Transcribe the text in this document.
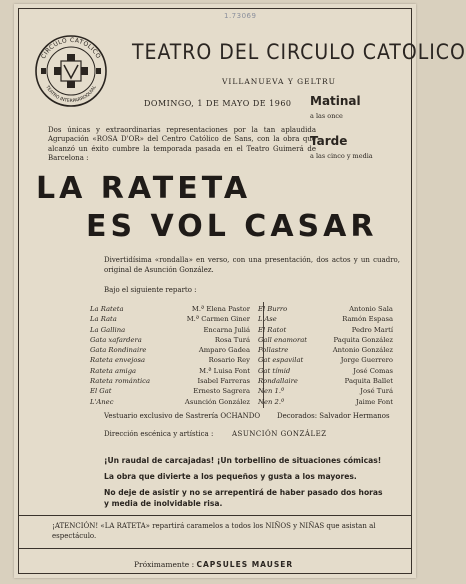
1.73069
CIRCULO CATOLICO
TEATRO INTERPARROQUIAL
TEATRO DEL CIRCULO CATOLICO
VILLANUEVA Y GELTRU
DOMINGO, 1 DE MAYO DE 1960 Matinal
a las once
Tarde
a las cinco y media
Dos únicas y extraordinarias representaciones por la tan aplaudida Agrupación «ROSA D'OR» del Centro Católico de Sans, con la obra que alcanzó un éxito cumbre la temporada pasada en el Teatro Guimerá de Barcelona :
LA RATETA
ES VOL CASAR
Divertidísima «rondalla» en verso, con una presentación, dos actos y un cuadro, original de Asunción González.
Bajo el siguiente reparto :
La Rateta	M.ª Elena Pastor
La Rata	M.ª Carmen Giner
La Gallina	Encarna Juliá
Gata xafardera	Rosa Turá
Gata Rondinaire	Amparo Gadea
Rateta envejosa	Rosario Rey
Rateta amiga	M.ª Luisa Font
Rateta romántica	Isabel Farreras
El Gat	Ernesto Sagrera
L'Anec	Asunción González
El Burro	Antonio Sala
L'Ase	Ramón Espasa
El Ratot	Pedro Martí
Gall enamorat	Paquita González
Pollastre	Antonio González
Gat espavilat	Jorge Guerrero
Gat tímid	José Comas
Rondallaire	Paquita Ballet
Nen 1.º	José Turá
Nen 2.º	Jaime Font
Vestuario exclusivo de Sastrería OCHANDO Decorados: Salvador Hermanos
Dirección escénica y artística :	ASUNCIÓN GONZÁLEZ
¡Un raudal de carcajadas! ¡Un torbellino de situaciones cómicas!
La obra que divierte a los pequeños y gusta a los mayores.
No deje de asistir y no se arrepentirá de haber pasado dos horas
y media de inolvidable risa.
¡ATENCIÓN! «LA RATETA» repartirá caramelos a todos los NIÑOS y NIÑAS que asistan al espectáculo.
Próximamente : CAPSULES MAUSER
